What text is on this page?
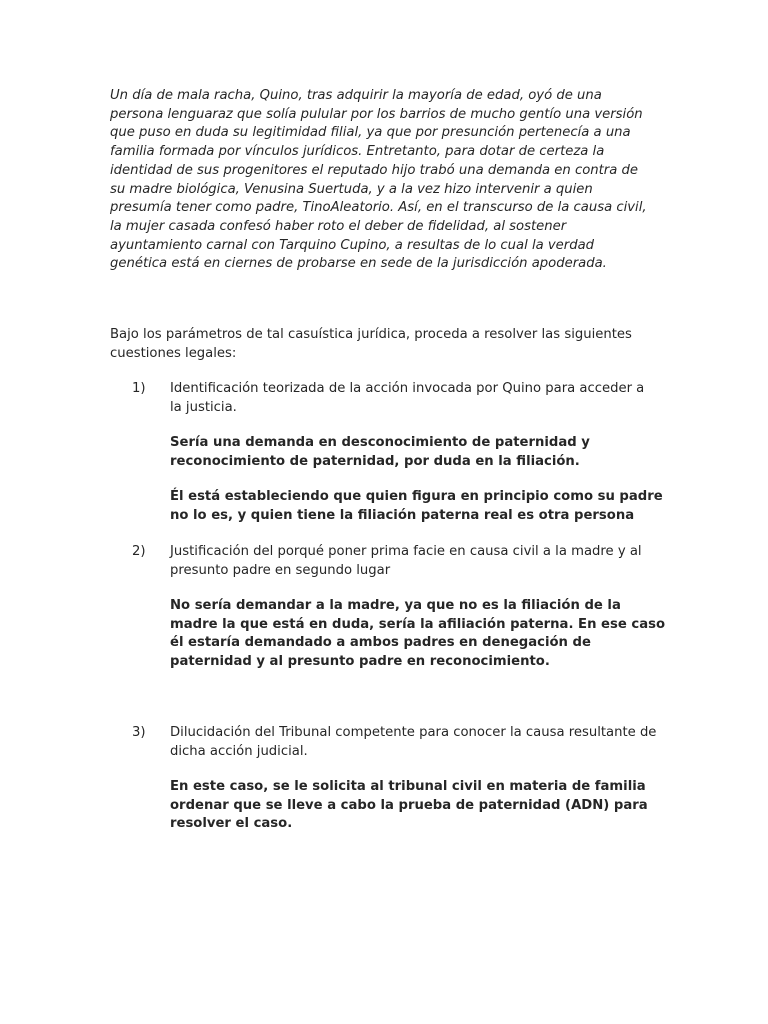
Un día de mala racha, Quino, tras adquirir la mayoría de edad, oyó de una persona lenguaraz que solía pulular por los barrios de mucho gentío una versión que puso en duda su legitimidad filial, ya que por presunción pertenecía a una familia formada por vínculos jurídicos. Entretanto, para dotar de certeza la identidad de sus progenitores el reputado hijo trabó una demanda en contra de su madre biológica, Venusina Suertuda, y a la vez hizo intervenir a quien presumía tener como padre, TinoAleatorio. Así, en el transcurso de la causa civil, la mujer casada confesó haber roto el deber de fidelidad, al sostener ayuntamiento carnal con Tarquino Cupino, a resultas de lo cual la verdad genética está en ciernes de probarse en sede de la jurisdicción apoderada.

Bajo los parámetros de tal casuística jurídica, proceda a resolver las siguientes cuestiones legales:

1) Identificación teorizada de la acción invocada por Quino para acceder a la justicia.

Sería una demanda en desconocimiento de paternidad y reconocimiento de paternidad, por duda en la filiación.

Él está estableciendo que quien figura en principio como su padre no lo es, y quien tiene la filiación paterna real es otra persona

2) Justificación del porqué poner prima facie en causa civil a la madre y al presunto padre en segundo lugar

No sería demandar a la madre, ya que no es la filiación de la madre la que está en duda, sería la afiliación paterna. En ese caso él estaría demandado a ambos padres en denegación de paternidad y al presunto padre en reconocimiento.

3) Dilucidación del Tribunal competente para conocer la causa resultante de dicha acción judicial.

En este caso, se le solicita al tribunal civil en materia de familia ordenar que se lleve a cabo la prueba de paternidad (ADN) para resolver el caso.
